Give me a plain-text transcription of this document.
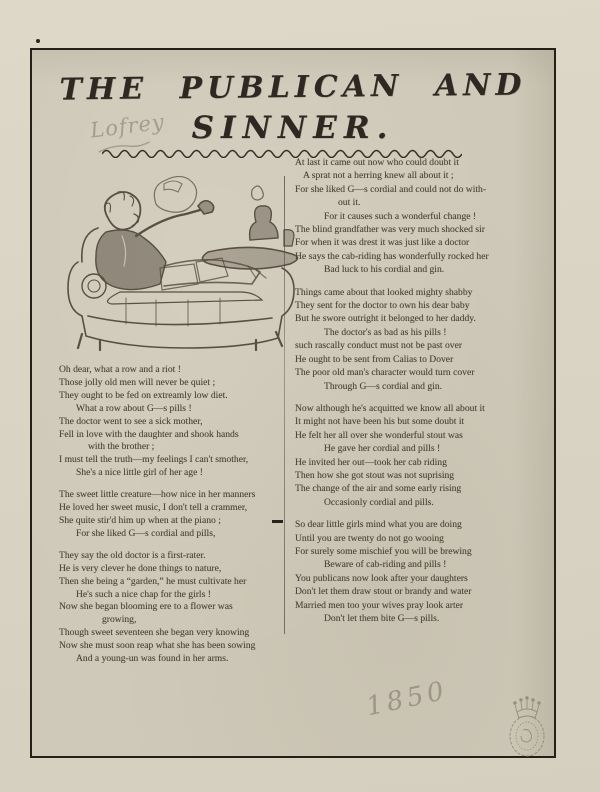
THE PUBLICAN AND
SINNER.
Lofrey
Oh dear, what a row and a riot !
Those jolly old men will never be quiet ;
They ought to be fed on extreamly low diet.
What a row about G—s pills !
The doctor went to see a sick mother,
Fell in love with the daughter and shook hands
with the brother ;
I must tell the truth—my feelings I can't smother,
She's a nice little girl of her age !
The sweet little creature—how nice in her manners
He loved her sweet music, I don't tell a crammer,
She quite stir'd him up when at the piano ;
For she liked G—s cordial and pills,
They say the old doctor is a first-rater.
He is very clever he done things to nature,
Then she being a “garden,” he must cultivate her
He's such a nice chap for the girls !
Now she began blooming ere to a flower was
growing,
Though sweet seventeen she began very knowing
Now she must soon reap what she has been sowing
And a young-un was found in her arms.
At last it came out now who could doubt it
A sprat not a herring knew all about it ;
For she liked G—s cordial and could not do with-
out it.
For it causes such a wonderful change !
The blind grandfather was very much shocked sir
For when it was drest it was just like a doctor
He says the cab-riding has wonderfully rocked her
Bad luck to his cordial and gin.
Things came about that looked mighty shabby
They sent for the doctor to own his dear baby
But he swore outright it belonged to her daddy.
The doctor's as bad as his pills !
such rascally conduct must not be past over
He ought to be sent from Calias to Dover
The poor old man's character would turn cover
Through G—s cordial and gin.
Now although he's acquitted we know all about it
It might not have been his but some doubt it
He felt her all over she wonderful stout was
He gave her cordial and pills !
He invited her out—took her cab riding
Then how she got stout was not suprising
The change of the air and some early rising
Occasionly cordial and pills.
So dear little girls mind what you are doing
Until you are twenty do not go wooing
For surely some mischief you will be brewing
Beware of cab-riding and pills !
You publicans now look after your daughters
Don't let them draw stout or brandy and water
Married men too your wives pray look arter
Don't let them bite G—s pills.
1850
